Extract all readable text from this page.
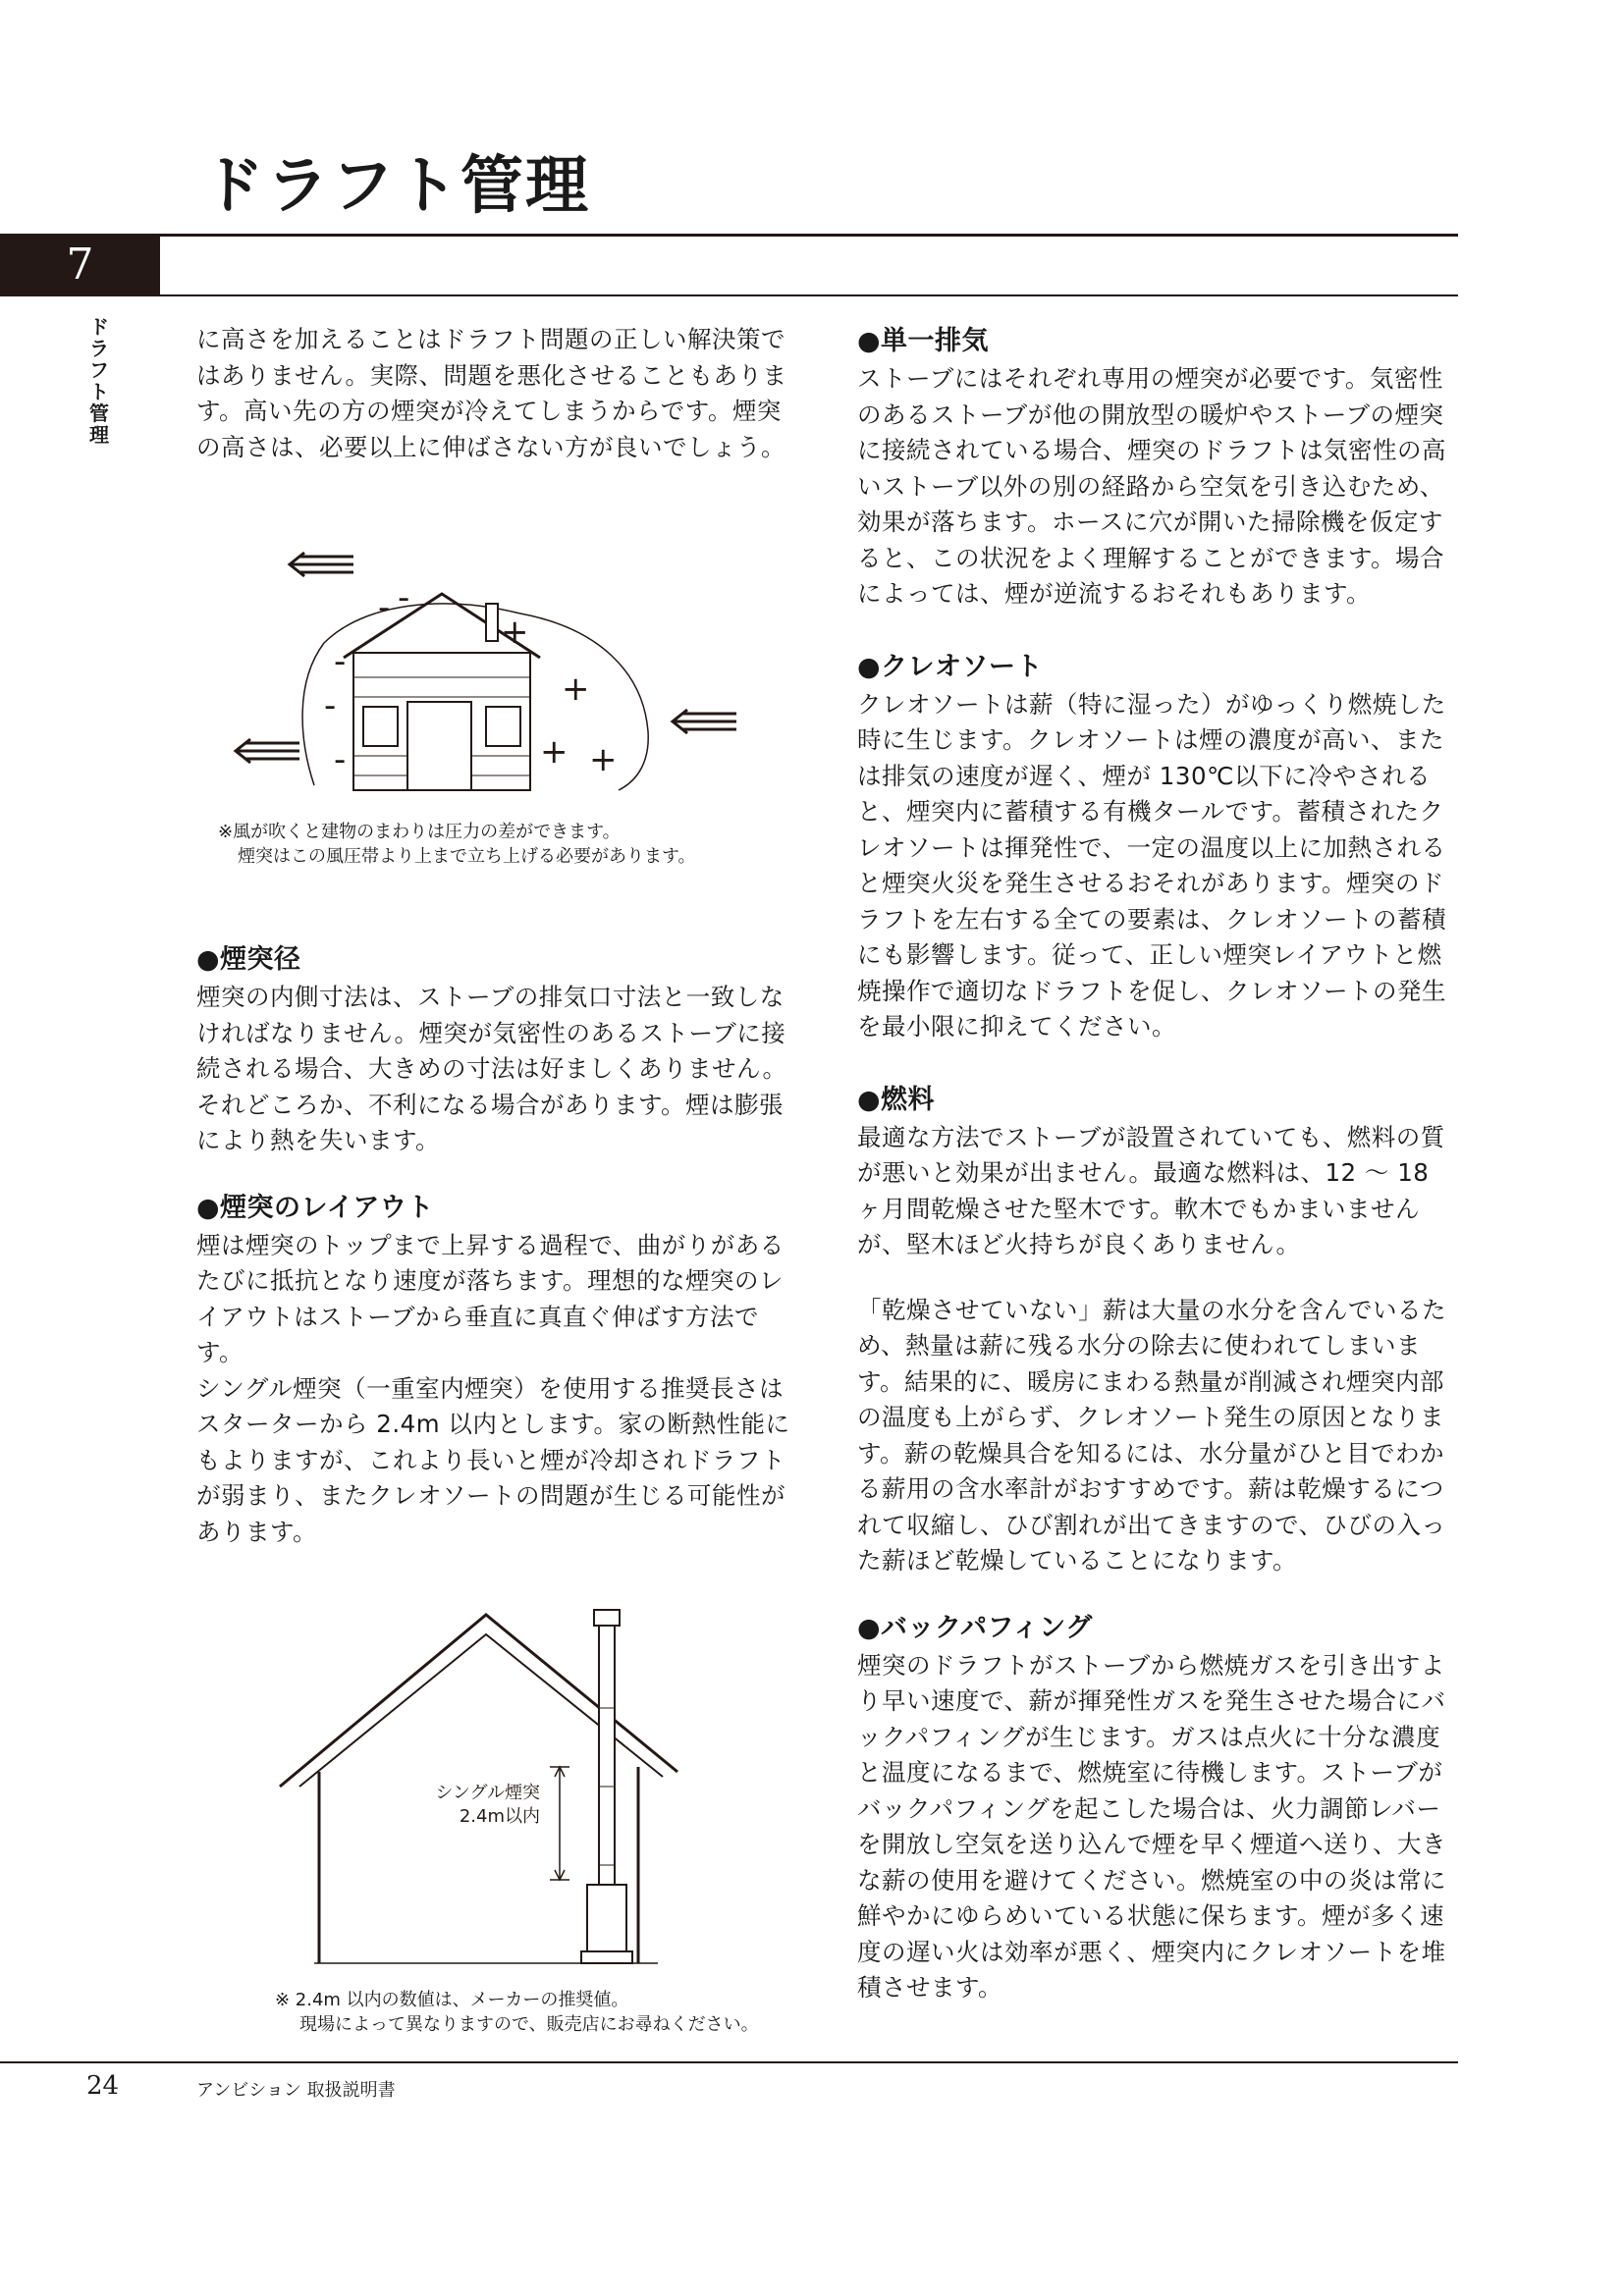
ドラフト管理
7
ドラフト管理

に高さを加えることはドラフト問題の正しい解決策ではありません。実際、問題を悪化させることもあります。高い先の方の煙突が冷えてしまうからです。煙突の高さは、必要以上に伸ばさない方が良いでしょう。

- -
-
-
-
+
+
+ +
※風が吹くと建物のまわりは圧力の差ができます。
煙突はこの風圧帯より上まで立ち上げる必要があります。
●煙突径

煙突の内側寸法は、ストーブの排気口寸法と一致しなければなりません。煙突が気密性のあるストーブに接続される場合、大きめの寸法は好ましくありません。それどころか、不利になる場合があります。煙は膨張により熱を失います。

●煙突のレイアウト

煙は煙突のトップまで上昇する過程で、曲がりがあるたびに抵抗となり速度が落ちます。理想的な煙突のレイアウトはストーブから垂直に真直ぐ伸ばす方法です。

シングル煙突（一重室内煙突）を使用する推奨長さはスターターから 2.4m 以内とします。家の断熱性能にもよりますが、これより長いと煙が冷却されドラフトが弱まり、またクレオソートの問題が生じる可能性があります。

シングル煙突
2.4m以内
※ 2.4m 以内の数値は、メーカーの推奨値。
現場によって異なりますので、販売店にお尋ねください。
●単一排気

ストーブにはそれぞれ専用の煙突が必要です。気密性のあるストーブが他の開放型の暖炉やストーブの煙突に接続されている場合、煙突のドラフトは気密性の高いストーブ以外の別の経路から空気を引き込むため、効果が落ちます。ホースに穴が開いた掃除機を仮定すると、この状況をよく理解することができます。場合によっては、煙が逆流するおそれもあります。

●クレオソート

クレオソートは薪（特に湿った）がゆっくり燃焼した時に生じます。クレオソートは煙の濃度が高い、または排気の速度が遅く、煙が 130℃以下に冷やされると、煙突内に蓄積する有機タールです。蓄積されたクレオソートは揮発性で、一定の温度以上に加熱されると煙突火災を発生させるおそれがあります。煙突のドラフトを左右する全ての要素は、クレオソートの蓄積にも影響します。従って、正しい煙突レイアウトと燃焼操作で適切なドラフトを促し、クレオソートの発生を最小限に抑えてください。

●燃料

最適な方法でストーブが設置されていても、燃料の質が悪いと効果が出ません。最適な燃料は、12 ～ 18 ヶ月間乾燥させた堅木です。軟木でもかまいませんが、堅木ほど火持ちが良くありません。

「乾燥させていない」薪は大量の水分を含んでいるため、熱量は薪に残る水分の除去に使われてしまいます。結果的に、暖房にまわる熱量が削減され煙突内部の温度も上がらず、クレオソート発生の原因となります。薪の乾燥具合を知るには、水分量がひと目でわかる薪用の含水率計がおすすめです。薪は乾燥するにつれて収縮し、ひび割れが出てきますので、ひびの入った薪ほど乾燥していることになります。

●バックパフィング

煙突のドラフトがストーブから燃焼ガスを引き出すより早い速度で、薪が揮発性ガスを発生させた場合にバックパフィングが生じます。ガスは点火に十分な濃度と温度になるまで、燃焼室に待機します。ストーブがバックパフィングを起こした場合は、火力調節レバーを開放し空気を送り込んで煙を早く煙道へ送り、大きな薪の使用を避けてください。燃焼室の中の炎は常に鮮やかにゆらめいている状態に保ちます。煙が多く速度の遅い火は効率が悪く、煙突内にクレオソートを堆積させます。

24	アンビション 取扱説明書
